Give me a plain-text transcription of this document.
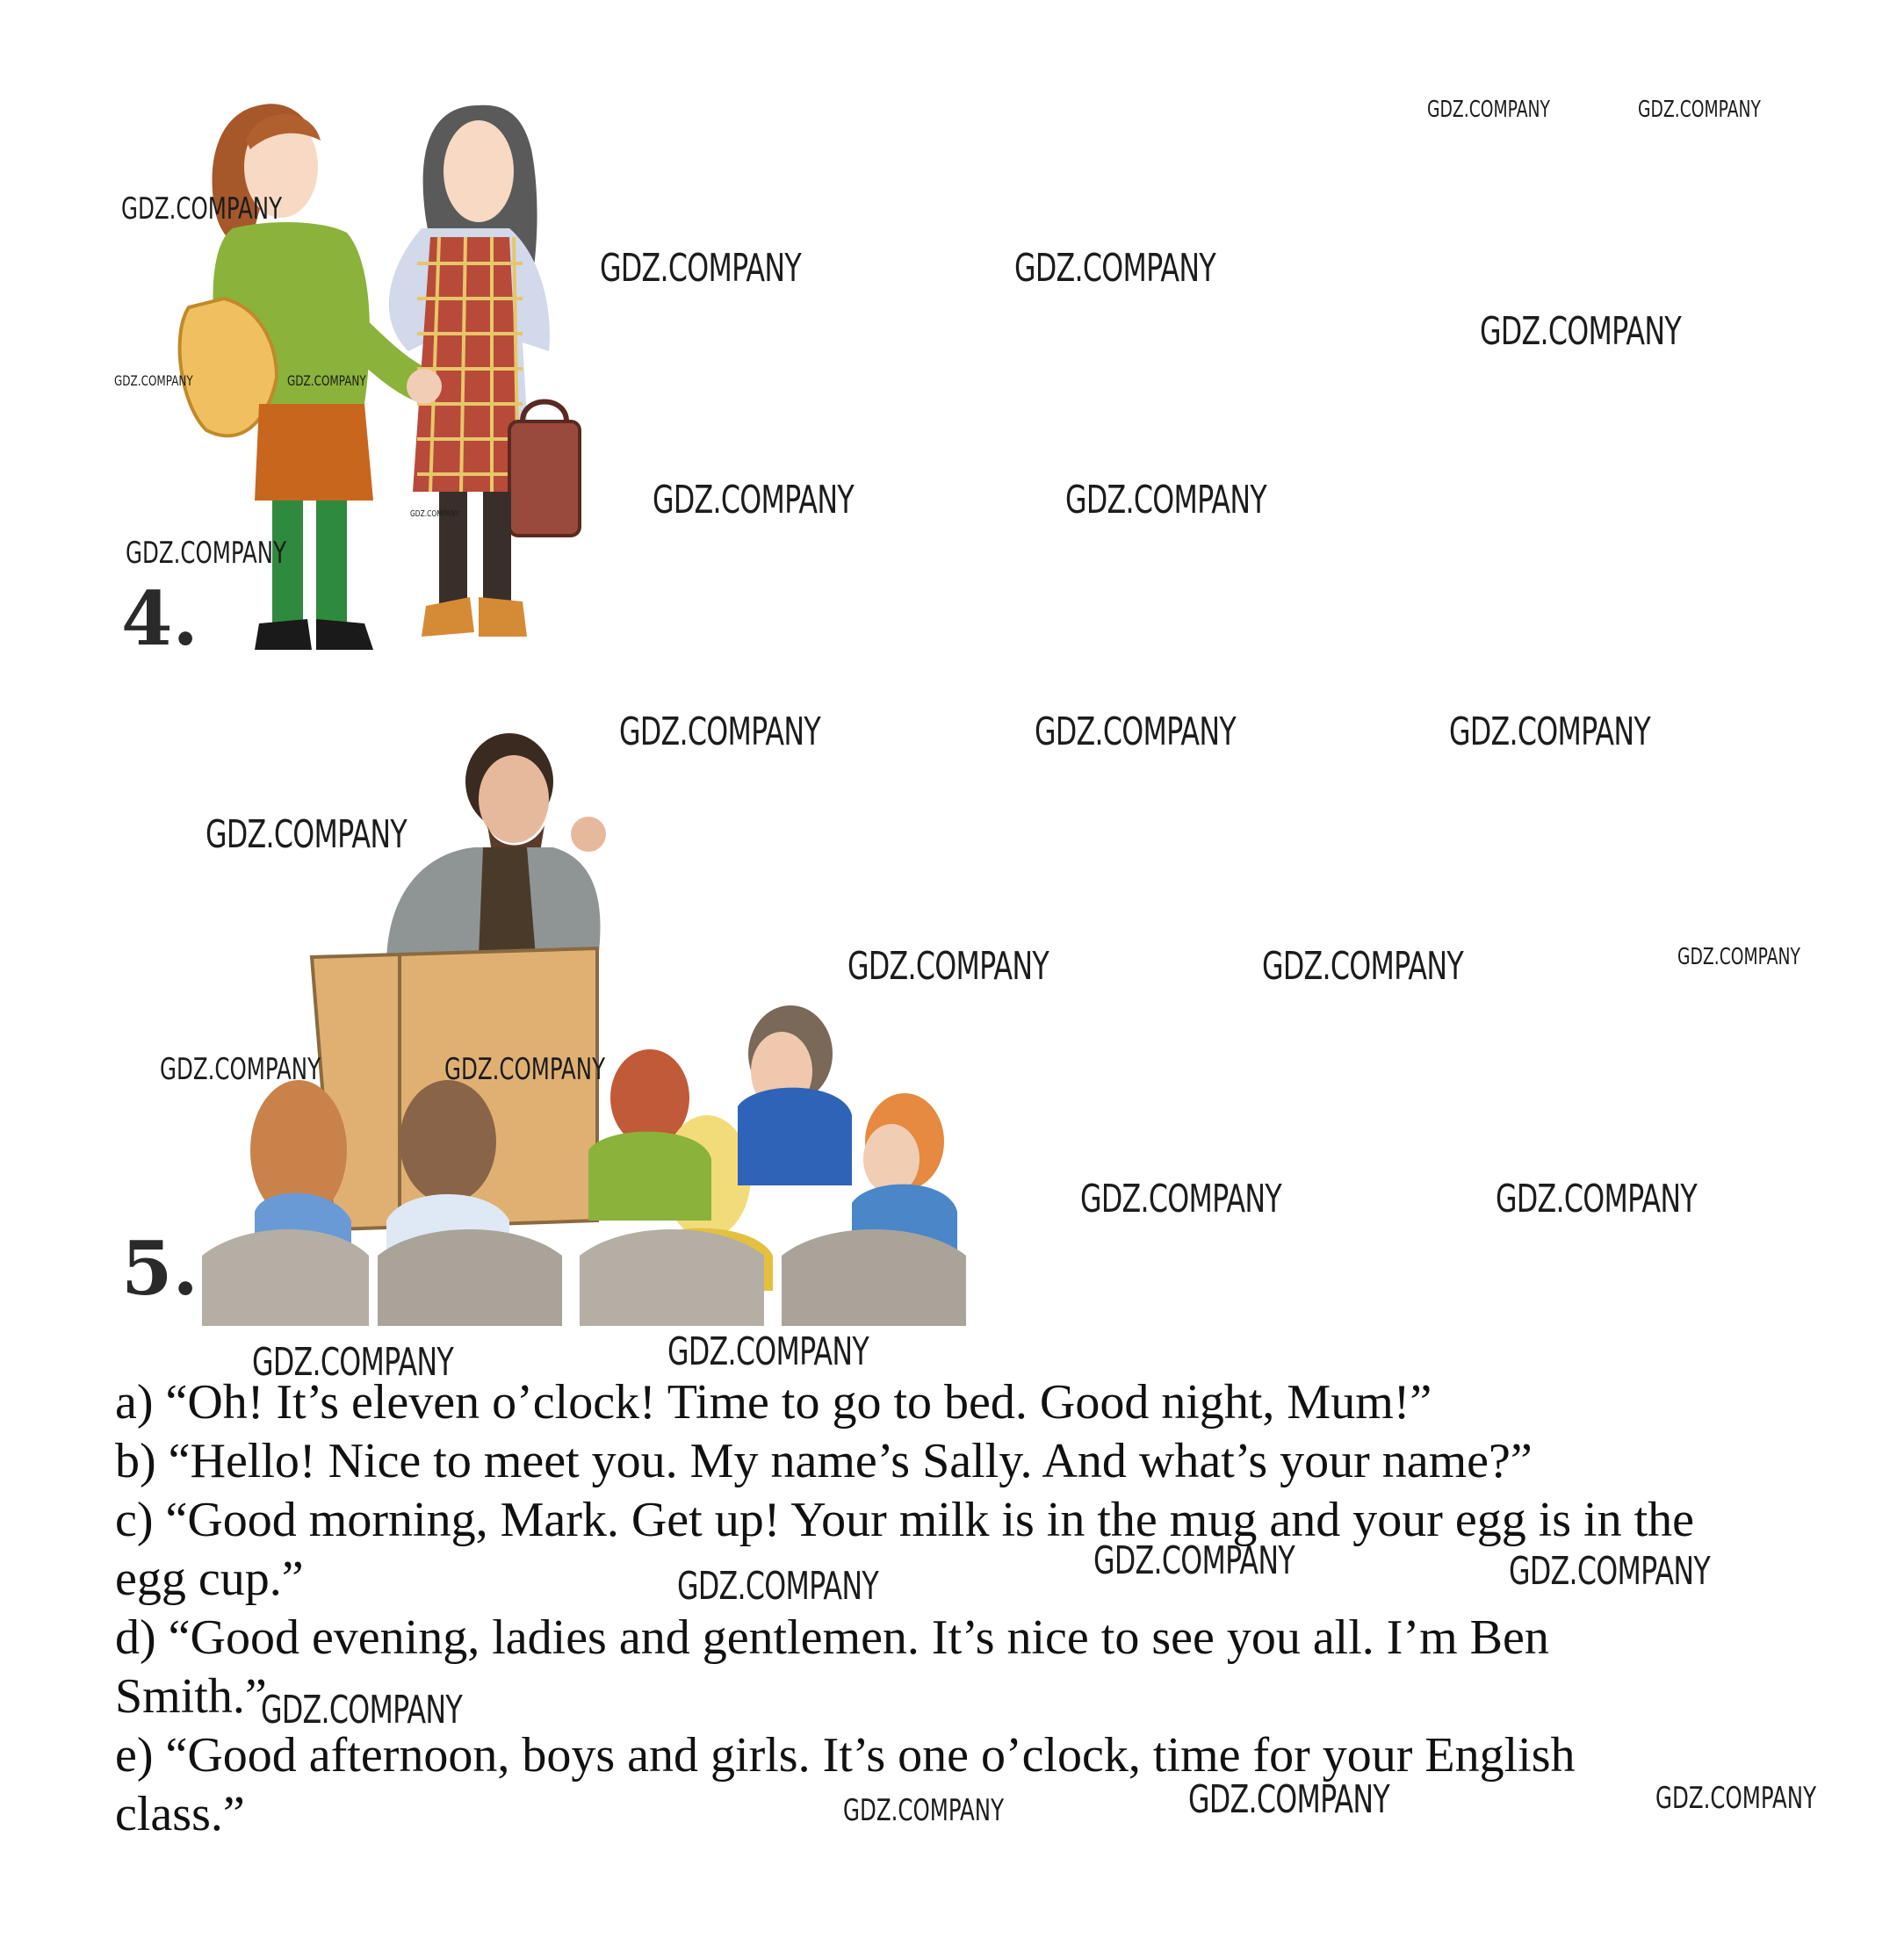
4.
5.
a) “Oh! It’s eleven o’clock! Time to go to bed. Good night, Mum!”
b) “Hello! Nice to meet you. My name’s Sally. And what’s your name?”
c) “Good morning, Mark. Get up! Your milk is in the mug and your egg is in the
egg cup.”
d) “Good evening, ladies and gentlemen. It’s nice to see you all. I’m Ben
Smith.”
e) “Good afternoon, boys and girls. It’s one o’clock, time for your English
class.”
GDZ.COMPANY	GDZ.COMPANY
GDZ.COMPANY
GDZ.COMPANY	GDZ.COMPANY
GDZ.COMPANY
GDZ.COMPANY	GDZ.COMPANY
GDZ.COMPANY	GDZ.COMPANY	GDZ.COMPANY
GDZ.COMPANY
GDZ.COMPANY	GDZ.COMPANY	GDZ.COMPANY
GDZ.COMPANY
GDZ.COMPANY	GDZ.COMPANY	GDZ.COMPANY
GDZ.COMPANY	GDZ.COMPANY
GDZ.COMPANY	GDZ.COMPANY
GDZ.COMPANY
GDZ.COMPANY
GDZ.COMPANY	GDZ.COMPANY
GDZ.COMPANY
GDZ.COMPANY
GDZ.COMPANY
GDZ.COMPANY	GDZ.COMPANY
